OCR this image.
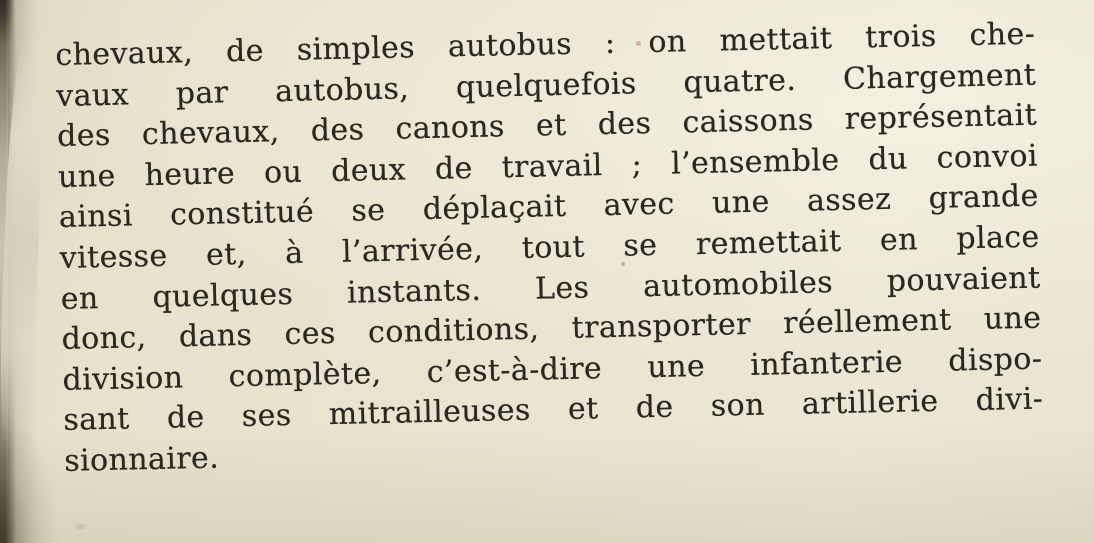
chevaux, de simples autobus : on mettait trois che-
vaux par autobus, quelquefois quatre. Chargement
des chevaux, des canons et des caissons représentait
une heure ou deux de travail ; l’ensemble du convoi
ainsi constitué se déplaçait avec une assez grande
vitesse et, à l’arrivée, tout se remettait en place
en quelques instants. Les automobiles pouvaient
donc, dans ces conditions, transporter réellement une
division complète, c’est-à-dire une infanterie dispo-
sant de ses mitrailleuses et de son artillerie divi-
sionnaire.
